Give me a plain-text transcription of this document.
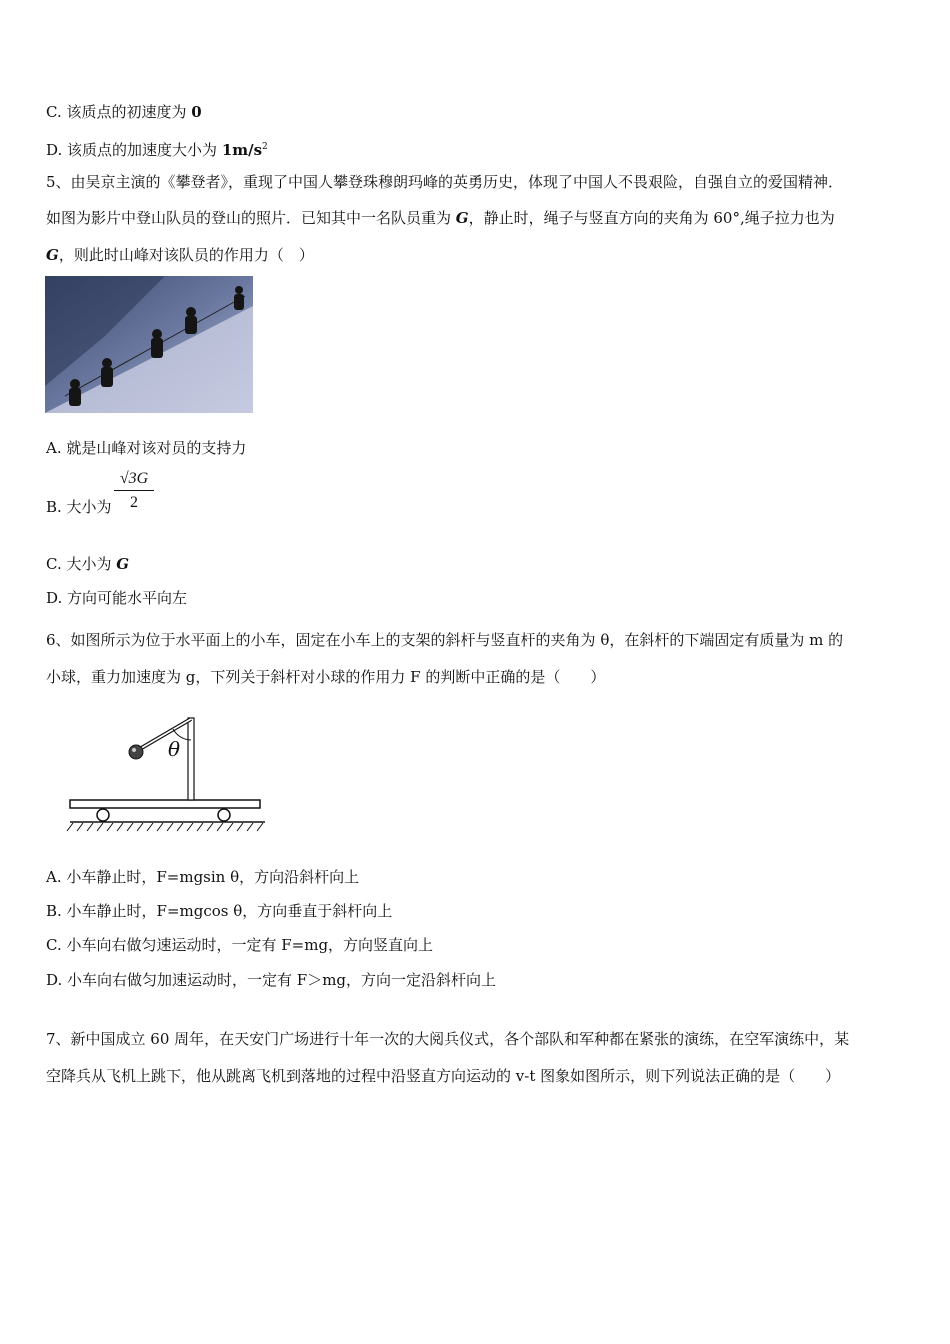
C. 该质点的初速度为 0
D. 该质点的加速度大小为 $1m/s^2$
5、由吴京主演的《攀登者》，重现了中国人攀登珠穆朗玛峰的英勇历史，体现了中国人不畏艰险，自强自立的爱国精神．
如图为影片中登山队员的登山的照片．已知其中一名队员重为 G，静止时，绳子与竖直方向的夹角为 60°,绳子拉力也为
G，则此时山峰对该队员的作用力（　）
A. 就是山峰对该对员的支持力
B. 大小为
√3G
2
C. 大小为 G
D. 方向可能水平向左
6、如图所示为位于水平面上的小车，固定在小车上的支架的斜杆与竖直杆的夹角为 θ，在斜杆的下端固定有质量为 m 的
小球，重力加速度为 g，下列关于斜杆对小球的作用力 F 的判断中正确的是（　　）
θ
A. 小车静止时，F=mgsin θ，方向沿斜杆向上
B. 小车静止时，F=mgcos θ，方向垂直于斜杆向上
C. 小车向右做匀速运动时，一定有 F=mg，方向竖直向上
D. 小车向右做匀加速运动时，一定有 F＞mg，方向一定沿斜杆向上
7、新中国成立 60 周年，在天安门广场进行十年一次的大阅兵仪式，各个部队和军种都在紧张的演练，在空军演练中，某
空降兵从飞机上跳下，他从跳离飞机到落地的过程中沿竖直方向运动的 v-t 图象如图所示，则下列说法正确的是（　　）
